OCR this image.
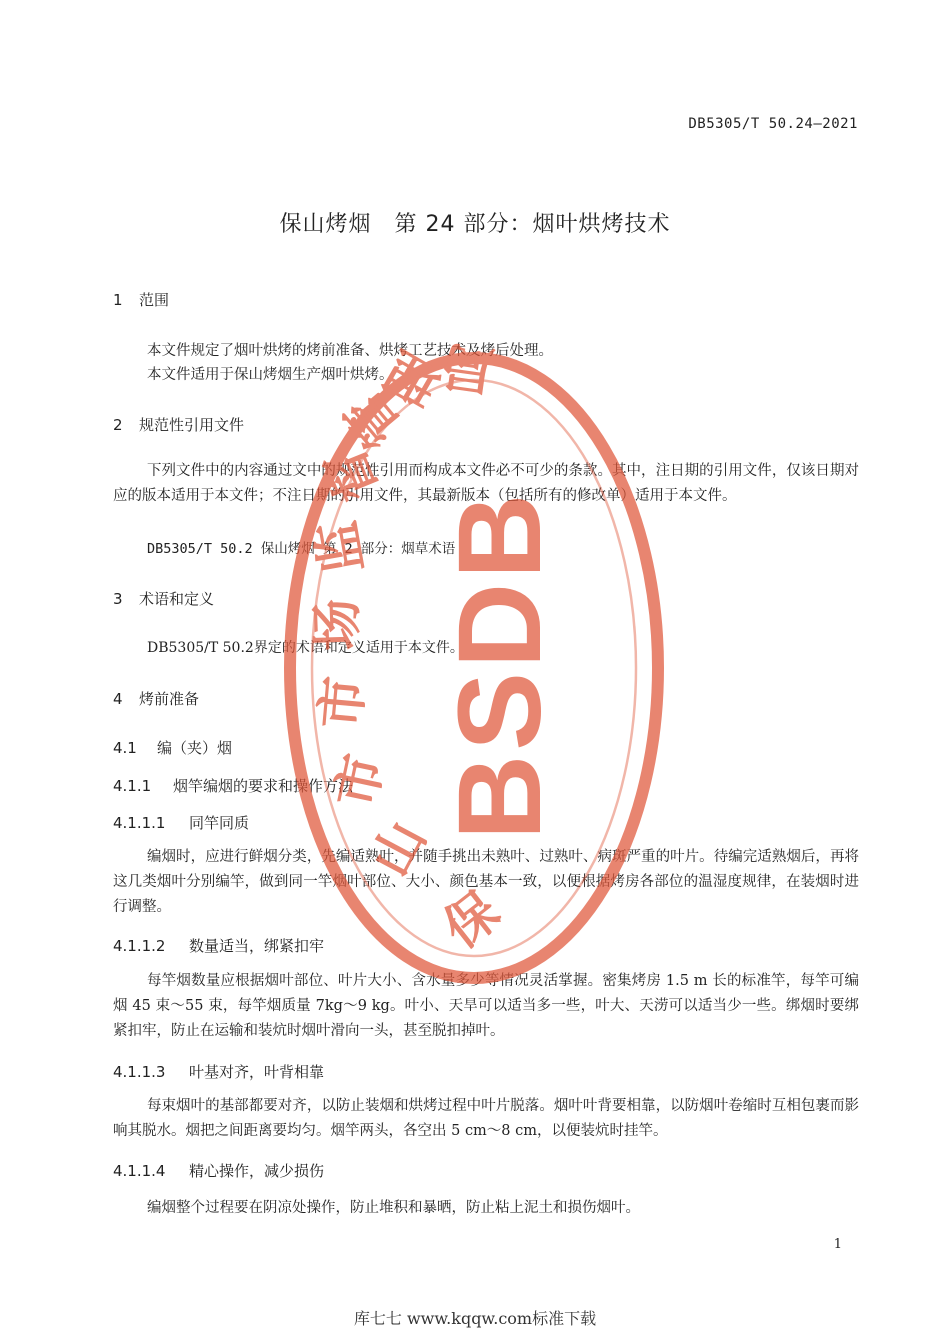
DB5305/T 50.24—2021
保山烤烟　第 24 部分：烟叶烘烤技术
1 范围
本文件规定了烟叶烘烤的烤前准备、烘烤工艺技术及烤后处理。
本文件适用于保山烤烟生产烟叶烘烤。
2 规范性引用文件
下列文件中的内容通过文中的规范性引用而构成本文件必不可少的条款。其中，注日期的引用文件，仅该日期对应的版本适用于本文件；不注日期的引用文件，其最新版本（包括所有的修改单）适用于本文件。
DB5305/T 50.2 保山烤烟 第 2 部分：烟草术语
3 术语和定义
DB5305/T 50.2界定的术语和定义适用于本文件。
4 烤前准备
4.1 编（夹）烟
4.1.1 烟竿编烟的要求和操作方法
4.1.1.1 同竿同质
编烟时，应进行鲜烟分类，先编适熟叶，并随手挑出未熟叶、过熟叶、病斑严重的叶片。待编完适熟烟后，再将这几类烟叶分别编竿，做到同一竿烟叶部位、大小、颜色基本一致，以便根据烤房各部位的温湿度规律，在装烟时进行调整。
4.1.1.2 数量适当，绑紧扣牢
每竿烟数量应根据烟叶部位、叶片大小、含水量多少等情况灵活掌握。密集烤房 1.5 m 长的标准竿，每竿可编烟 45 束～55 束，每竿烟质量 7kg～9 kg。叶小、天旱可以适当多一些，叶大、天涝可以适当少一些。绑烟时要绑紧扣牢，防止在运输和装炕时烟叶滑向一头，甚至脱扣掉叶。
4.1.1.3 叶基对齐，叶背相靠
每束烟叶的基部都要对齐，以防止装烟和烘烤过程中叶片脱落。烟叶叶背要相靠，以防烟叶卷缩时互相包裹而影响其脱水。烟把之间距离要均匀。烟竿两头，各空出 5 cm～8 cm，以便装炕时挂竿。
4.1.1.4 精心操作，减少损伤
编烟整个过程要在阴凉处操作，防止堆积和暴晒，防止粘上泥土和损伤烟叶。
1
库七七 www.kqqw.com标准下载
保
山
市
市
场
监
督
管
理
局
BSDB
